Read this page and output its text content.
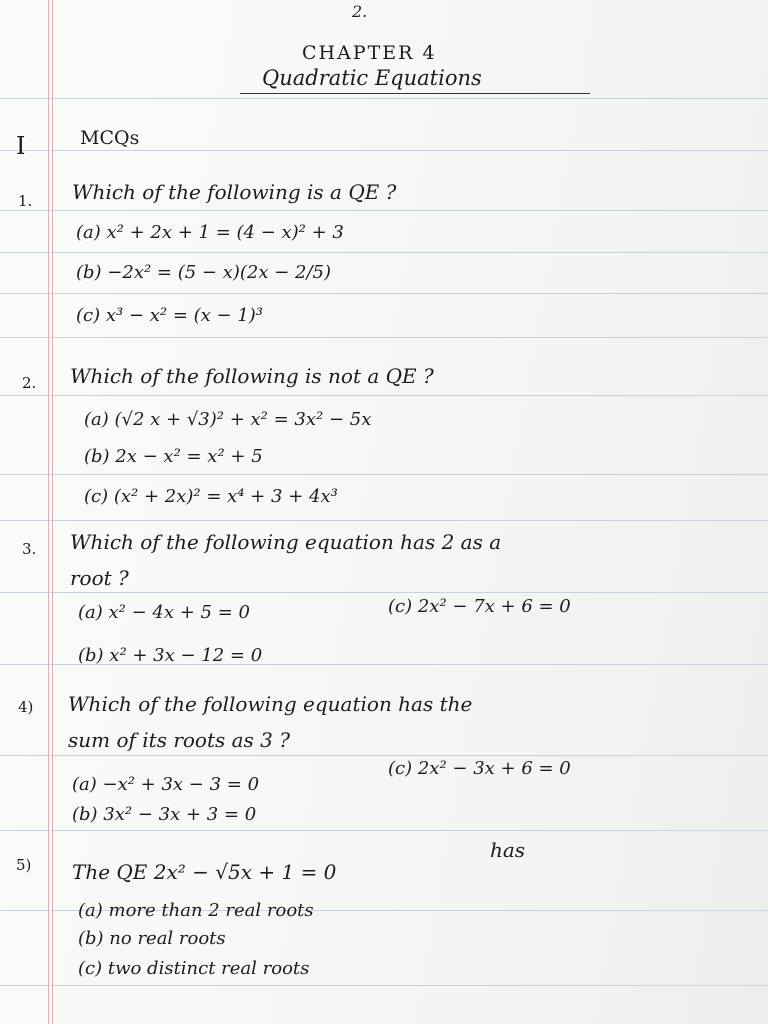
2.
CHAPTER 4
Quadratic Equations
I	MCQs
1. Which of the following is a QE ?
(a) x² + 2x + 1 = (4 − x)² + 3
(b) −2x² = (5 − x)(2x − 2/5)
(c) x³ − x² = (x − 1)³
2. Which of the following is not a QE ?
(a) (√2 x + √3)² + x² = 3x² − 5x
(b) 2x − x² = x² + 5
(c) (x² + 2x)² = x⁴ + 3 + 4x³
3. Which of the following equation has 2 as a
root ?
(a) x² − 4x + 5 = 0	(c) 2x² − 7x + 6 = 0
(b) x² + 3x − 12 = 0
4) Which of the following equation has the
sum of its roots as 3 ?
(a) −x² + 3x − 3 = 0
(c) 2x² − 3x + 6 = 0
(b) 3x² − 3x + 3 = 0
5) The QE 2x² − √5x + 1 = 0
has
(a) more than 2 real roots
(b) no real roots
(c) two distinct real roots
